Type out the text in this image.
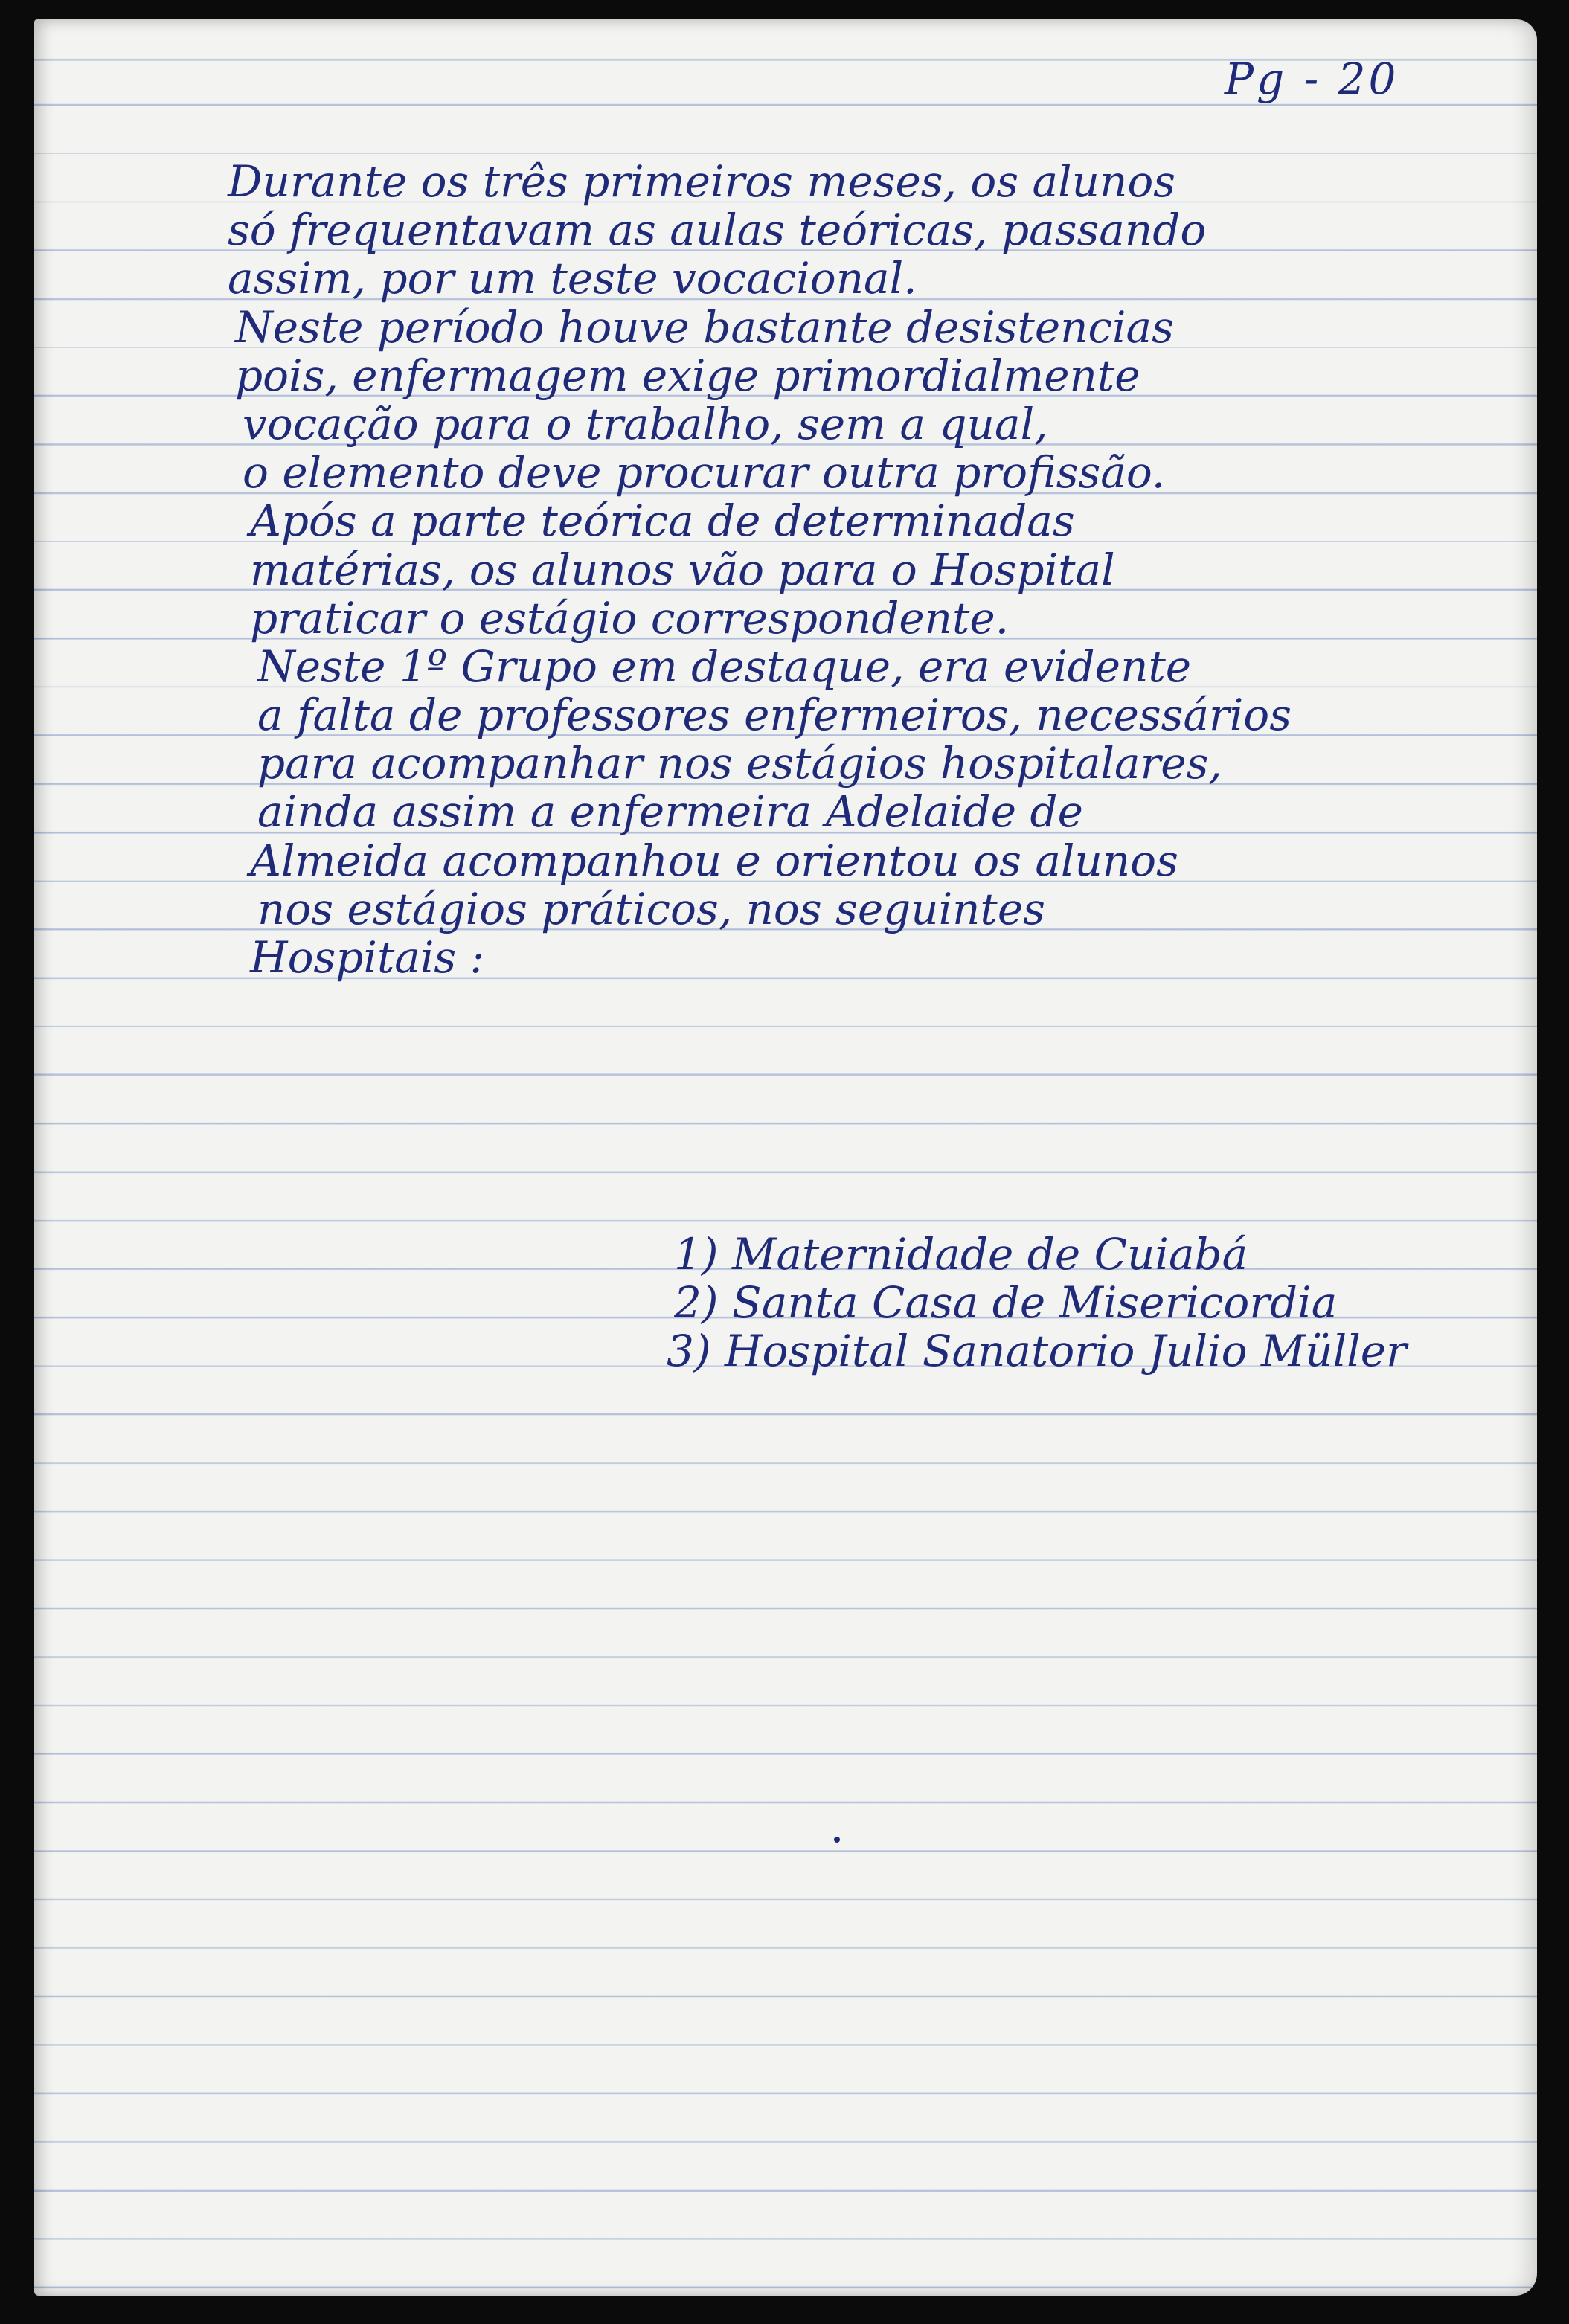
Pg - 20
Durante os três primeiros meses, os alunos
só frequentavam as aulas teóricas, passando
assim, por um teste vocacional.
Neste período houve bastante desistencias
pois, enfermagem exige primordialmente
vocação para o trabalho, sem a qual,
o elemento deve procurar outra profissão.
Após a parte teórica de determinadas
matérias, os alunos vão para o Hospital
praticar o estágio correspondente.
Neste 1º Grupo em destaque, era evidente
a falta de professores enfermeiros, necessários
para acompanhar nos estágios hospitalares,
ainda assim a enfermeira Adelaide de
Almeida acompanhou e orientou os alunos
nos estágios práticos, nos seguintes
Hospitais :
1) Maternidade de Cuiabá
2) Santa Casa de Misericordia
3) Hospital Sanatorio Julio Müller
